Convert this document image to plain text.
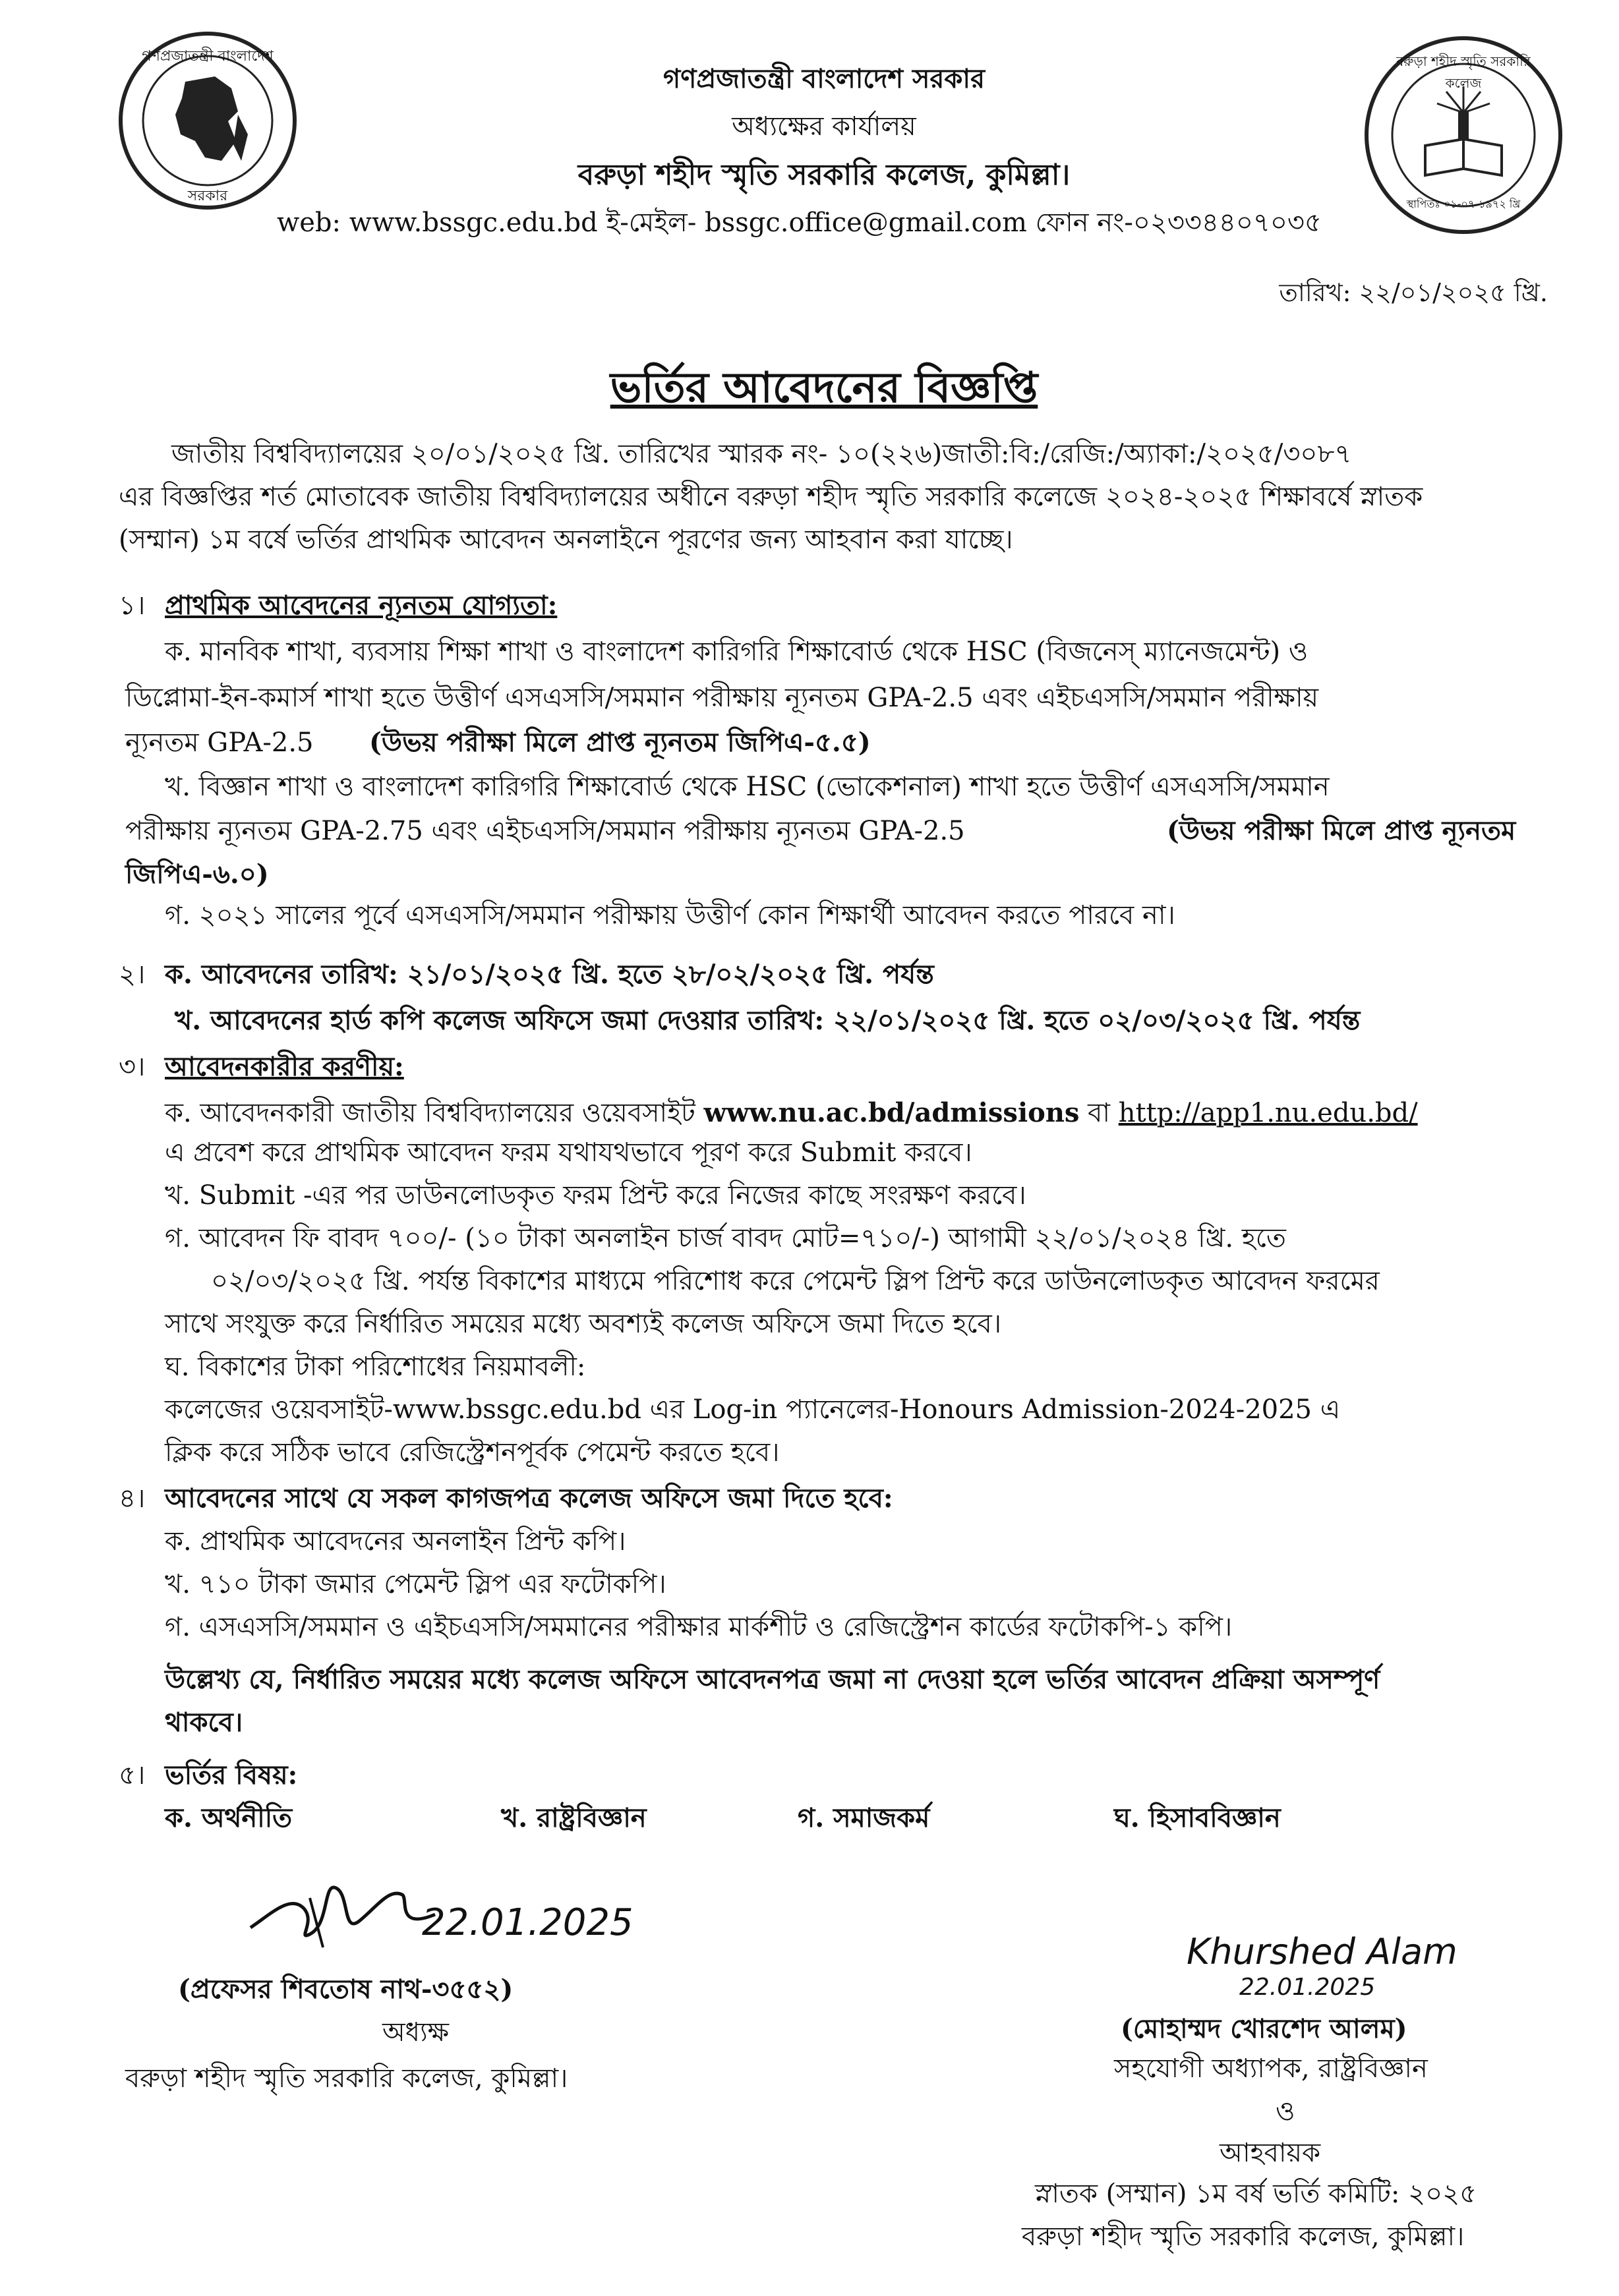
গণপ্রজাতন্ত্রী বাংলাদেশ
সরকার
গণপ্রজাতন্ত্রী বাংলাদেশ সরকার
অধ্যক্ষের কার্যালয়
বরুড়া শহীদ স্মৃতি সরকারি কলেজ, কুমিল্লা।
web: www.bssgc.edu.bd ই-মেইল- bssgc.office@gmail.com ফোন নং-০২৩৩৪৪০৭০৩৫
বরুড়া শহীদ স্মৃতি সরকারি কলেজ
স্থাপিতঃ ০১-০৭-১৯৭২ খ্রি
তারিখ: ২২/০১/২০২৫ খ্রি.
ভর্তির আবেদনের বিজ্ঞপ্তি
জাতীয় বিশ্ববিদ্যালয়ের ২০/০১/২০২৫ খ্রি. তারিখের স্মারক নং- ১০(২২৬)জাতী:বি:/রেজি:/অ্যাকা:/২০২৫/৩০৮৭
এর বিজ্ঞপ্তির শর্ত মোতাবেক জাতীয় বিশ্ববিদ্যালয়ের অধীনে বরুড়া শহীদ স্মৃতি সরকারি কলেজে ২০২৪-২০২৫ শিক্ষাবর্ষে স্নাতক
(সম্মান) ১ম বর্ষে ভর্তির প্রাথমিক আবেদন অনলাইনে পূরণের জন্য আহবান করা যাচ্ছে।
১। প্রাথমিক আবেদনের ন্যূনতম যোগ্যতা:
ক. মানবিক শাখা, ব্যবসায় শিক্ষা শাখা ও বাংলাদেশ কারিগরি শিক্ষাবোর্ড থেকে HSC (বিজনেস্ ম্যানেজমেন্ট) ও
ডিপ্লোমা-ইন-কমার্স শাখা হতে উত্তীর্ণ এসএসসি/সমমান পরীক্ষায় ন্যূনতম GPA-2.5 এবং এইচএসসি/সমমান পরীক্ষায়
ন্যূনতম GPA-2.5 (উভয় পরীক্ষা মিলে প্রাপ্ত ন্যূনতম জিপিএ-৫.৫)
খ. বিজ্ঞান শাখা ও বাংলাদেশ কারিগরি শিক্ষাবোর্ড থেকে HSC (ভোকেশনাল) শাখা হতে উত্তীর্ণ এসএসসি/সমমান
পরীক্ষায় ন্যূনতম GPA-2.75 এবং এইচএসসি/সমমান পরীক্ষায় ন্যূনতম GPA-2.5	(উভয় পরীক্ষা মিলে প্রাপ্ত ন্যূনতম
জিপিএ-৬.০)
গ. ২০২১ সালের পূর্বে এসএসসি/সমমান পরীক্ষায় উত্তীর্ণ কোন শিক্ষার্থী আবেদন করতে পারবে না।
২। ক. আবেদনের তারিখ: ২১/০১/২০২৫ খ্রি. হতে ২৮/০২/২০২৫ খ্রি. পর্যন্ত
খ. আবেদনের হার্ড কপি কলেজ অফিসে জমা দেওয়ার তারিখ: ২২/০১/২০২৫ খ্রি. হতে ০২/০৩/২০২৫ খ্রি. পর্যন্ত
৩। আবেদনকারীর করণীয়:
ক. আবেদনকারী জাতীয় বিশ্ববিদ্যালয়ের ওয়েবসাইট www.nu.ac.bd/admissions বা http://app1.nu.edu.bd/
এ প্রবেশ করে প্রাথমিক আবেদন ফরম যথাযথভাবে পূরণ করে Submit করবে।
খ. Submit -এর পর ডাউনলোডকৃত ফরম প্রিন্ট করে নিজের কাছে সংরক্ষণ করবে।
গ. আবেদন ফি বাবদ ৭০০/- (১০ টাকা অনলাইন চার্জ বাবদ মোট=৭১০/-) আগামী ২২/০১/২০২৪ খ্রি. হতে
০২/০৩/২০২৫ খ্রি. পর্যন্ত বিকাশের মাধ্যমে পরিশোধ করে পেমেন্ট স্লিপ প্রিন্ট করে ডাউনলোডকৃত আবেদন ফরমের
সাথে সংযুক্ত করে নির্ধারিত সময়ের মধ্যে অবশ্যই কলেজ অফিসে জমা দিতে হবে।
ঘ. বিকাশের টাকা পরিশোধের নিয়মাবলী:
কলেজের ওয়েবসাইট-www.bssgc.edu.bd এর Log-in প্যানেলের-Honours Admission-2024-2025 এ
ক্লিক করে সঠিক ভাবে রেজিস্ট্রেশনপূর্বক পেমেন্ট করতে হবে।
৪। আবেদনের সাথে যে সকল কাগজপত্র কলেজ অফিসে জমা দিতে হবে:
ক. প্রাথমিক আবেদনের অনলাইন প্রিন্ট কপি।
খ. ৭১০ টাকা জমার পেমেন্ট স্লিপ এর ফটোকপি।
গ. এসএসসি/সমমান ও এইচএসসি/সমমানের পরীক্ষার মার্কশীট ও রেজিস্ট্রেশন কার্ডের ফটোকপি-১ কপি।
উল্লেখ্য যে, নির্ধারিত সময়ের মধ্যে কলেজ অফিসে আবেদনপত্র জমা না দেওয়া হলে ভর্তির আবেদন প্রক্রিয়া অসম্পূর্ণ
থাকবে।
৫। ভর্তির বিষয়:
ক. অর্থনীতি	খ. রাষ্ট্রবিজ্ঞান	গ. সমাজকর্ম	ঘ. হিসাববিজ্ঞান
22.01.2025
(প্রফেসর শিবতোষ নাথ-৩৫৫২)
অধ্যক্ষ
বরুড়া শহীদ স্মৃতি সরকারি কলেজ, কুমিল্লা।
Khurshed Alam
22.01.2025
(মোহাম্মদ খোরশেদ আলম)
সহযোগী অধ্যাপক, রাষ্ট্রবিজ্ঞান
ও
আহবায়ক
স্নাতক (সম্মান) ১ম বর্ষ ভর্তি কমিটি: ২০২৫
বরুড়া শহীদ স্মৃতি সরকারি কলেজ, কুমিল্লা।
